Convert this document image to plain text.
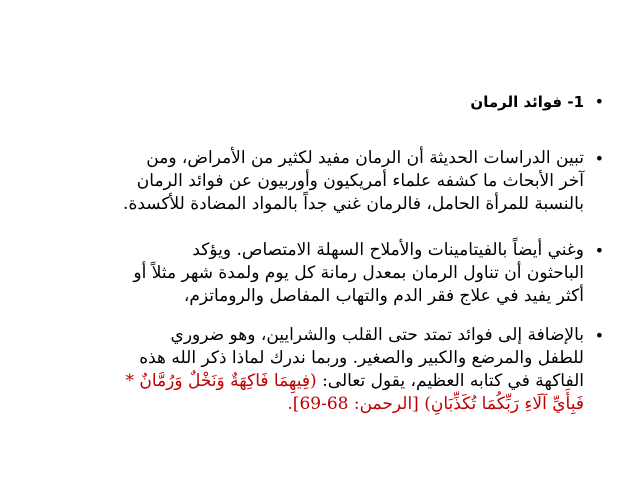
•
1- فوائد الرمان
•
تبين الدراسات الحديثة أن الرمان مفيد لكثير من الأمراض، ومن
آخر الأبحاث ما كشفه علماء أمريكيون وأوربيون عن فوائد الرمان
بالنسبة للمرأة الحامل، فالرمان غني جداً بالمواد المضادة للأكسدة.
•
وغني أيضاً بالفيتامينات والأملاح السهلة الامتصاص. ويؤكد
الباحثون أن تناول الرمان بمعدل رمانة كل يوم ولمدة شهر مثلاً أو
أكثر يفيد في علاج فقر الدم والتهاب المفاصل والروماتزم،
•
بالإضافة إلى فوائد تمتد حتى القلب والشرايين، وهو ضروري
للطفل والمرضع والكبير والصغير. وربما ندرك لماذا ذكر الله هذه
الفاكهة في كتابه العظيم، يقول تعالى: (فِيهِمَا فَاكِهَةٌ وَنَخْلٌ وَرُمَّانٌ *
فَبِأَيِّ آلَاءِ رَبِّكُمَا تُكَذِّبَانِ) [الرحمن: 68-69].
